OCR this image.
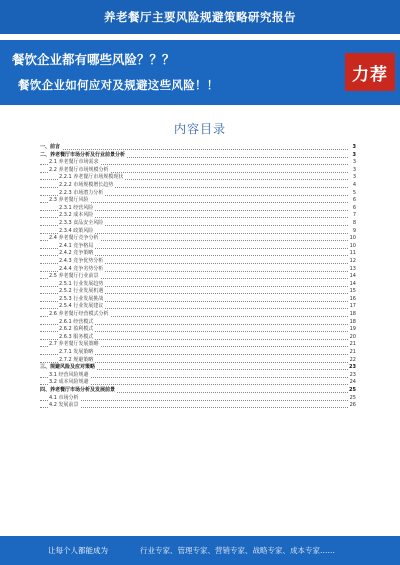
养老餐厅主要风险规避策略研究报告
餐饮企业都有哪些风险？？？
餐饮企业如何应对及规避这些风险！！
力荐
内容目录
一、前言	3
二、养老餐厅市场分析及行业前景分析	3
2.1 养老餐厅市场需求	3
2.2 养老餐厅市场规模分析	3
2.2.1 养老餐厅市场规模现状	3
2.2.2 市场规模增长趋势	4
2.2.3 市场潜力分析	5
2.3 养老餐厅风险	6
2.3.1 经营风险	6
2.3.2 成本风险	7
2.3.3 食品安全风险	8
2.3.4 政策风险	9
2.4 养老餐厅竞争分析	10
2.4.1 竞争格局	10
2.4.2 竞争策略	11
2.4.3 竞争优势分析	12
2.4.4 竞争劣势分析	13
2.5 养老餐厅行业前景	14
2.5.1 行业发展趋势	14
2.5.2 行业发展机遇	15
2.5.3 行业发展挑战	16
2.5.4 行业发展建议	17
2.6 养老餐厅经营模式分析	18
2.6.1 经营模式	18
2.6.2 盈利模式	19
2.6.3 服务模式	20
2.7 养老餐厅发展策略	21
2.7.1 发展策略	21
2.7.2 规避策略	22
三、规避风险及应对策略	23
3.1 经营风险规避	23
3.2 成本风险规避	24
四、养老餐厅市场分析及发展前景	25
4.1 市场分析	25
4.2 发展前景	26
让每个人都能成为	行业专家、管理专家、营销专家、战略专家、成本专家……
